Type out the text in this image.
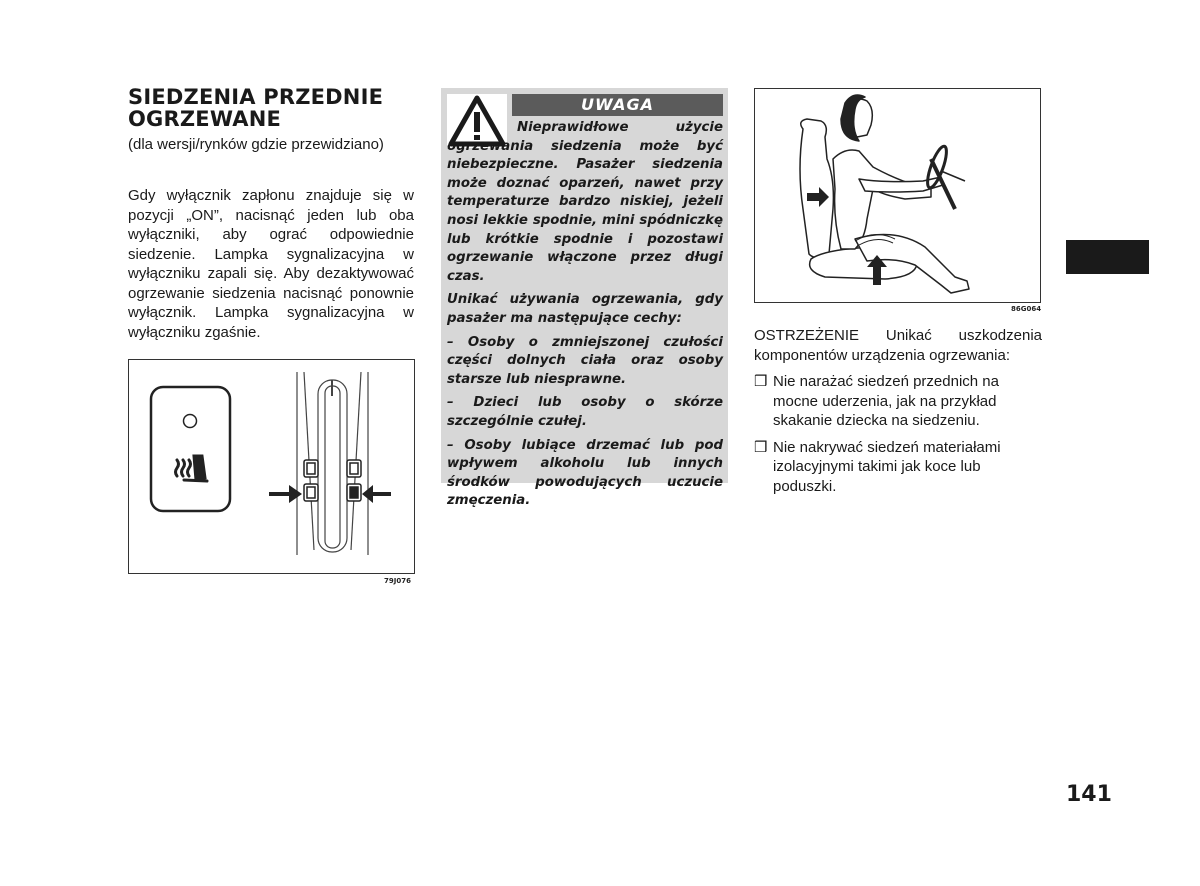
SIEDZENIA PRZEDNIE
OGRZEWANE
(dla wersji/rynków gdzie przewidziano)
Gdy wyłącznik zapłonu znajduje się w pozycji „ON”, nacisnąć jeden lub oba wyłączniki, aby ograć odpowiednie siedzenie. Lampka sygnalizacyjna w wyłączniku zapali się. Aby dezaktywować ogrzewanie siedzenia nacisnąć ponownie wyłącznik. Lampka sygnalizacyjna w wyłączniku zgaśnie.
79J076
UWAGA

Nieprawidłowe użycie ogrzewania siedzenia może być niebezpieczne. Pasażer siedzenia może doznać oparzeń, nawet przy temperaturze bardzo niskiej, jeżeli nosi lekkie spodnie, mini spódniczkę lub krótkie spodnie i pozostawi ogrzewanie włączone przez długi czas.

Unikać używania ogrzewania, gdy pasażer ma następujące cechy:

– Osoby o zmniejszonej czułości części dolnych ciała oraz osoby starsze lub niesprawne.

– Dzieci lub osoby o skórze szczególnie czułej.

– Osoby lubiące drzemać lub pod wpływem alkoholu lub innych środków powodujących uczucie zmęczenia.

86G064

OSTRZEŻENIE Unikać uszkodzenia komponentów urządzenia ogrzewania:

❒ Nie narażać siedzeń przednich na mocne uderzenia, jak na przykład skakanie dziecka na siedzeniu.
❒ Nie nakrywać siedzeń materiałami izolacyjnymi takimi jak koce lub poduszki.
141
